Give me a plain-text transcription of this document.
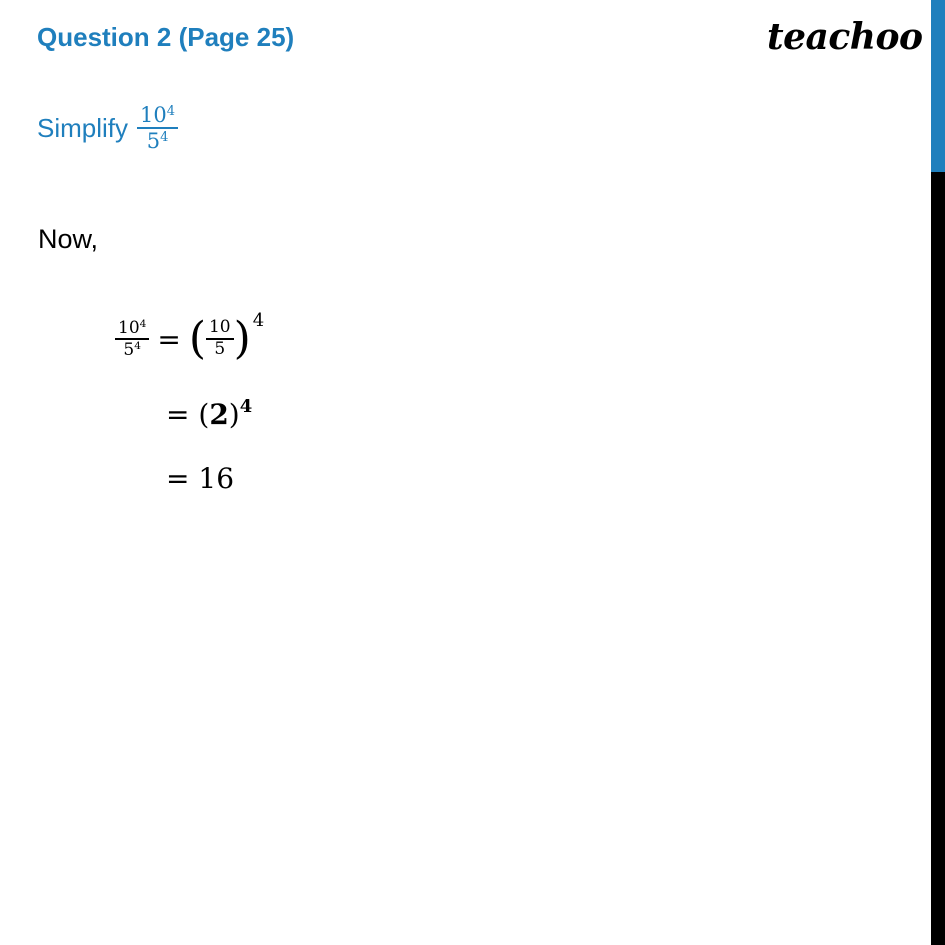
Question 2 (Page 25)	teachoo
Simplify $\frac{10^4}{5^4}$
Now,
$\frac{10^4}{5^4}$ = ( $\frac{10}{5}$ ) 4
= $(2)^4$
= 16
